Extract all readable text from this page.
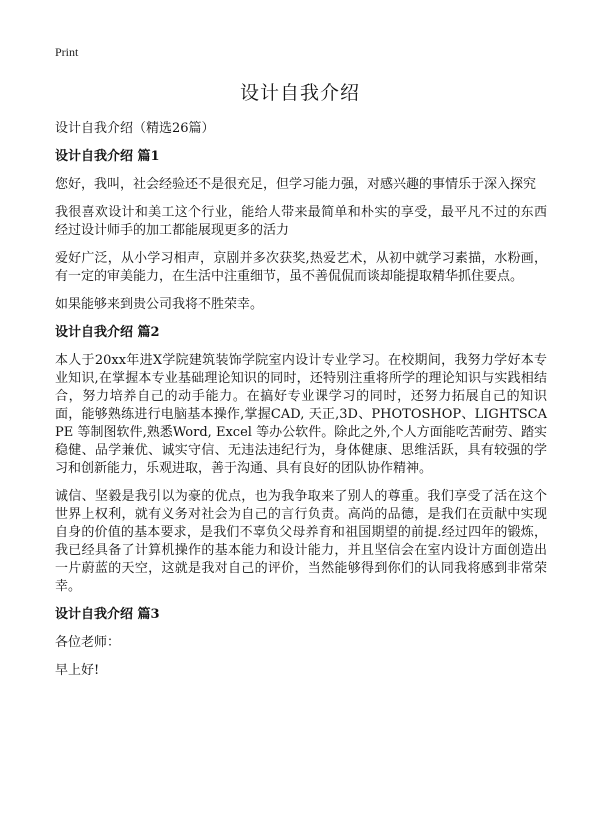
Print
设计自我介绍

设计自我介绍（精选26篇）

设计自我介绍 篇1

您好，我叫，社会经验还不是很充足，但学习能力强，对感兴趣的事情乐于深入探究

我很喜欢设计和美工这个行业，能给人带来最简单和朴实的享受，最平凡不过的东西经过设计师手的加工都能展现更多的活力

爱好广泛，从小学习相声，京剧并多次获奖,热爱艺术，从初中就学习素描，水粉画，有一定的审美能力，在生活中注重细节，虽不善侃侃而谈却能提取精华抓住要点。

如果能够来到贵公司我将不胜荣幸。

设计自我介绍 篇2

本人于20xx年进X学院建筑装饰学院室内设计专业学习。在校期间，我努力学好本专业知识,在掌握本专业基础理论知识的同时，还特别注重将所学的理论知识与实践相结合，努力培养自己的动手能力。在搞好专业课学习的同时，还努力拓展自己的知识面，能够熟练进行电脑基本操作,掌握CAD, 天正,3D、PHOTOSHOP、LIGHTSCAPE 等制图软件,熟悉Word, Excel 等办公软件。除此之外,个人方面能吃苦耐劳、踏实稳健、品学兼优、诚实守信、无违法违纪行为，身体健康、思维活跃，具有较强的学习和创新能力，乐观进取，善于沟通、具有良好的团队协作精神。

诚信、坚毅是我引以为豪的优点，也为我争取来了别人的尊重。我们享受了活在这个世界上权利，就有义务对社会为自己的言行负责。高尚的品德，是我们在贡献中实现自身的价值的基本要求，是我们不辜负父母养育和祖国期望的前提.经过四年的锻炼，我已经具备了计算机操作的基本能力和设计能力，并且坚信会在室内设计方面创造出一片蔚蓝的天空，这就是我对自己的评价，当然能够得到你们的认同我将感到非常荣幸。

设计自我介绍 篇3

各位老师：

早上好!
